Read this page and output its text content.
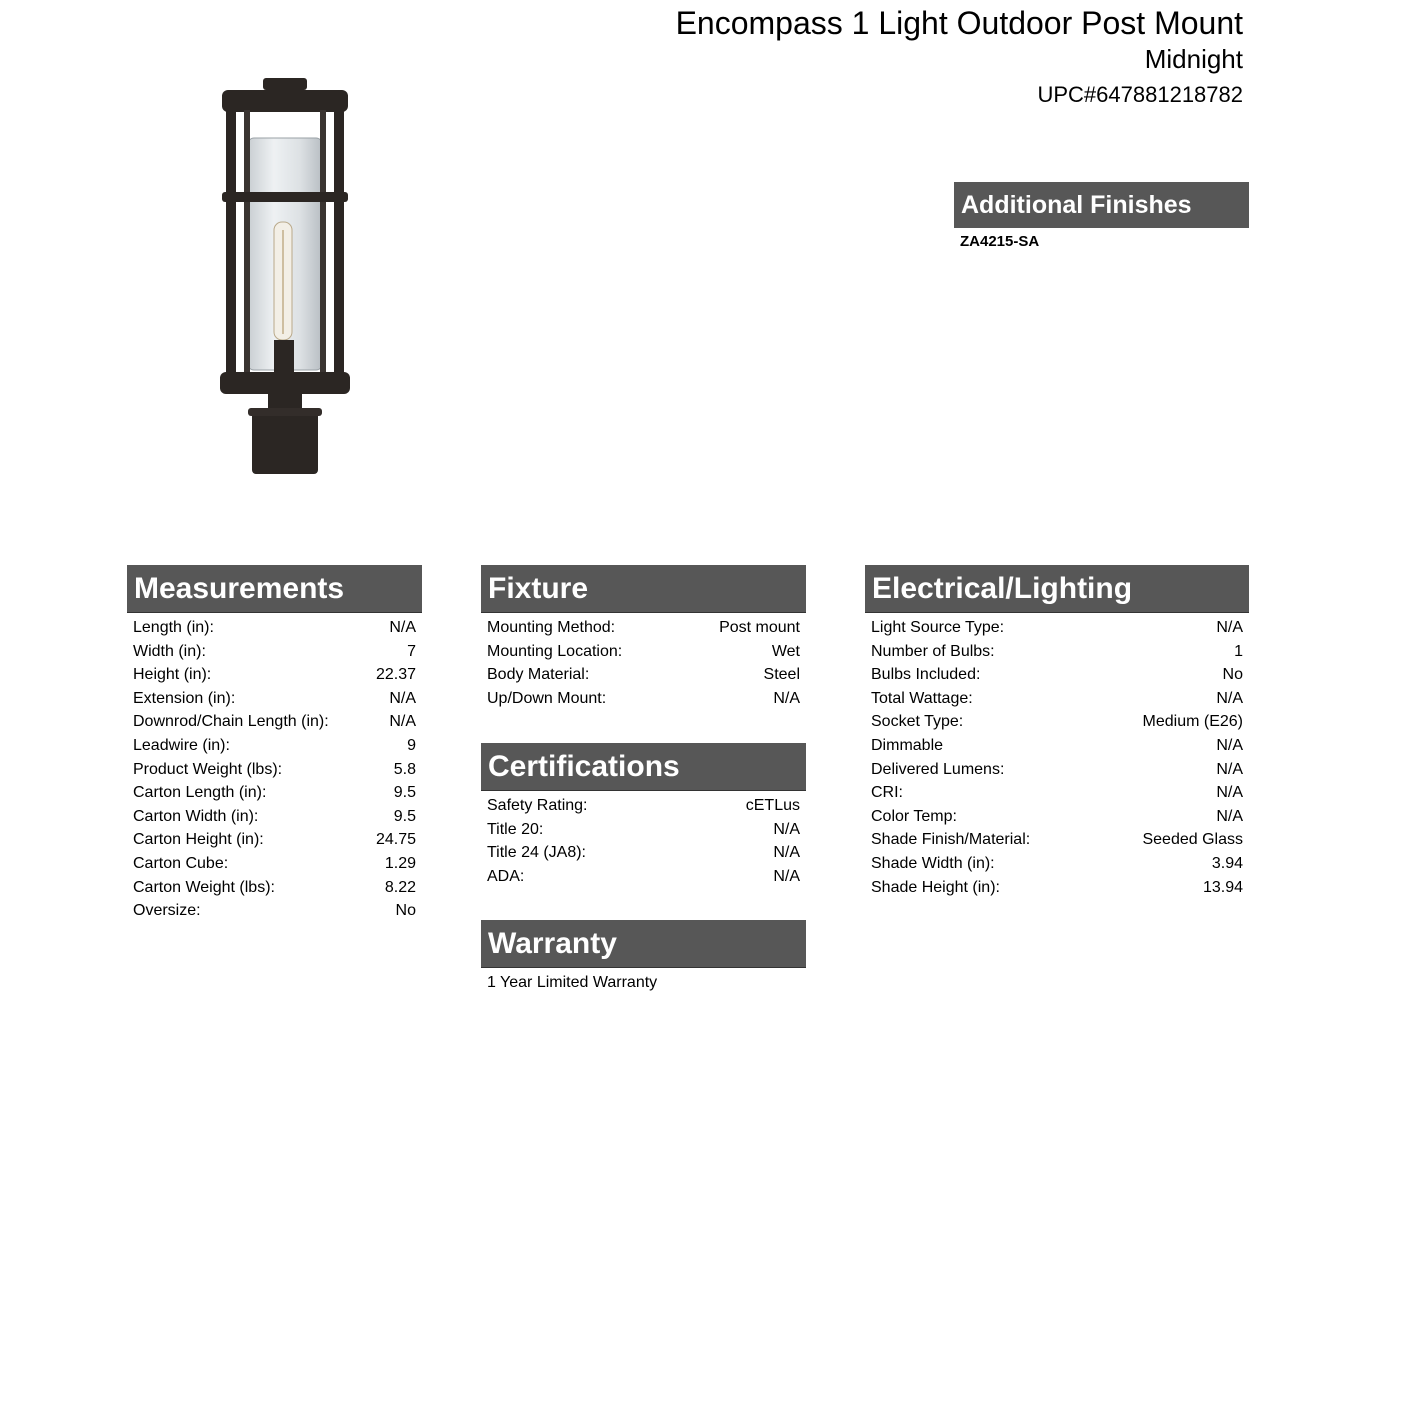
Encompass 1 Light Outdoor Post Mount
Midnight
UPC#647881218782
Additional Finishes
ZA4215-SA
Measurements
Length (in):	N/A
Width (in):	7
Height (in):	22.37
Extension (in):	N/A
Downrod/Chain Length (in):	N/A
Leadwire (in):	9
Product Weight (lbs):	5.8
Carton Length (in):	9.5
Carton Width (in):	9.5
Carton Height (in):	24.75
Carton Cube:	1.29
Carton Weight (lbs):	8.22
Oversize:	No
Fixture
Mounting Method:	Post mount
Mounting Location:	Wet
Body Material:	Steel
Up/Down Mount:	N/A
Certifications
Safety Rating:	cETLus
Title 20:	N/A
Title 24 (JA8):	N/A
ADA:	N/A
Warranty
1 Year Limited Warranty
Electrical/Lighting
Light Source Type:	N/A
Number of Bulbs:	1
Bulbs Included:	No
Total Wattage:	N/A
Socket Type:	Medium (E26)
Dimmable	N/A
Delivered Lumens:	N/A
CRI:	N/A
Color Temp:	N/A
Shade Finish/Material:	Seeded Glass
Shade Width (in):	3.94
Shade Height (in):	13.94
